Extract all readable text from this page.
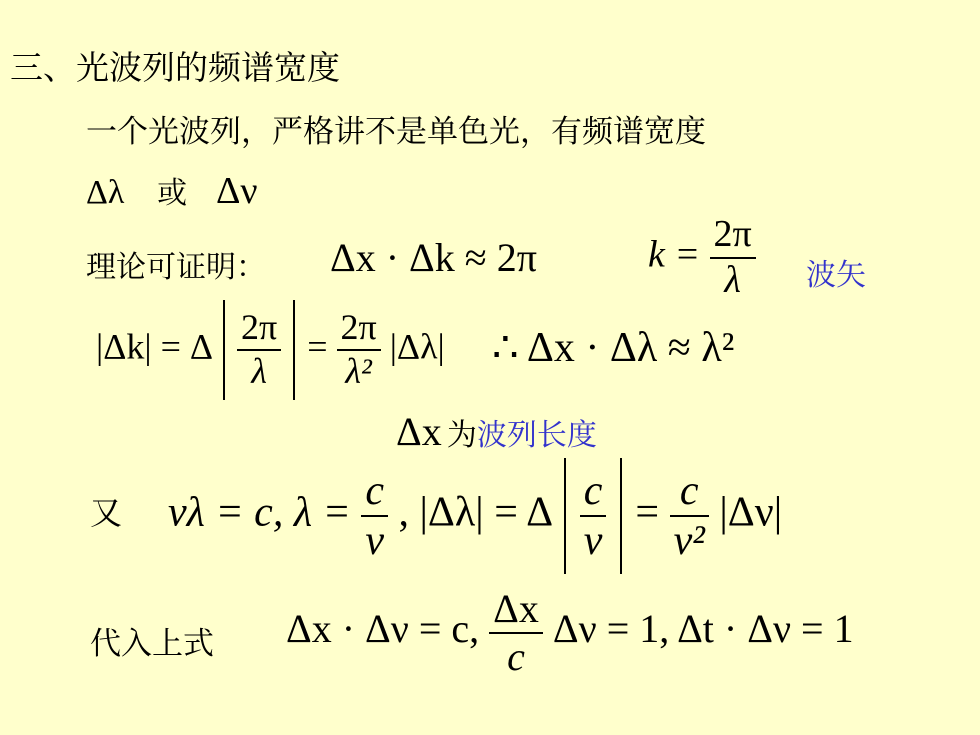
三、光波列的频谱宽度
一个光波列，严格讲不是单色光，有频谱宽度
Δλ 或 Δν
理论可证明： Δx · Δk ≈ 2π	$k = \frac{2\pi}{\lambda}$ 波矢
|Δk| = Δ $\frac{2\pi}{\lambda} = \frac{2\pi}{\text{λ²}} |\Delta\lambda|$ ∴ Δx · Δλ ≈ λ²
Δx 为波列长度
又 νλ = c, $\lambda = \frac{c}{\nu}$ , |Δλ| = Δ $\frac{c}{\nu} = \frac{c}{\text{ν²}} |\Delta\nu|$
代入上式 Δx · Δν = c, $\frac{\Delta x}{c}$ Δν = 1, Δt · Δν = 1
